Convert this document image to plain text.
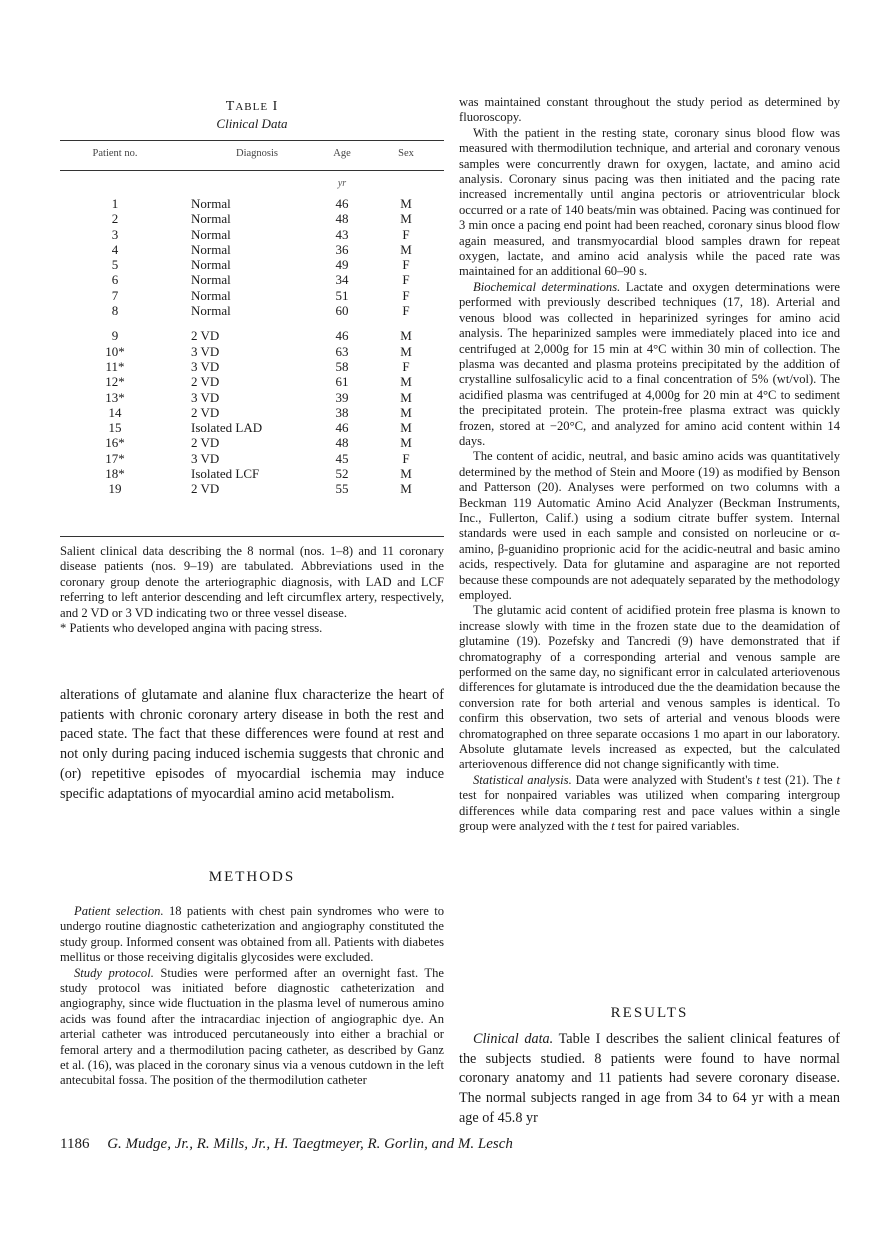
TABLE I
Clinical Data
Patient no.	Diagnosis	Age	Sex
yr
1	Normal	46	M
2	Normal	48	M
3	Normal	43	F
4	Normal	36	M
5	Normal	49	F
6	Normal	34	F
7	Normal	51	F
8	Normal	60	F
9	2 VD	46	M
10*	3 VD	63	M
11*	3 VD	58	F
12*	2 VD	61	M
13*	3 VD	39	M
14	2 VD	38	M
15	Isolated LAD	46	M
16*	2 VD	48	M
17*	3 VD	45	F
18*	Isolated LCF	52	M
19	2 VD	55	M

Salient clinical data describing the 8 normal (nos. 1–8) and 11 coronary disease patients (nos. 9–19) are tabulated. Abbreviations used in the coronary group denote the arteriographic diagnosis, with LAD and LCF referring to left anterior descending and left circumflex artery, respectively, and 2 VD or 3 VD indicating two or three vessel disease.

* Patients who developed angina with pacing stress.

alterations of glutamate and alanine flux characterize the heart of patients with chronic coronary artery disease in both the rest and paced state. The fact that these differences were found at rest and not only during pacing induced ischemia suggests that chronic and (or) repetitive episodes of myocardial ischemia may induce specific adaptations of myocardial amino acid metabolism.

METHODS

Patient selection. 18 patients with chest pain syndromes who were to undergo routine diagnostic catheterization and angiography constituted the study group. Informed consent was obtained from all. Patients with diabetes mellitus or those receiving digitalis glycosides were excluded.

Study protocol. Studies were performed after an overnight fast. The study protocol was initiated before diagnostic catheterization and angiography, since wide fluctuation in the plasma level of numerous amino acids was found after the intracardiac injection of angiographic dye. An arterial catheter was introduced percutaneously into either a brachial or femoral artery and a thermodilution pacing catheter, as described by Ganz et al. (16), was placed in the coronary sinus via a venous cutdown in the left antecubital fossa. The position of the thermodilution catheter

was maintained constant throughout the study period as determined by fluoroscopy.

With the patient in the resting state, coronary sinus blood flow was measured with thermodilution technique, and arterial and coronary venous samples were concurrently drawn for oxygen, lactate, and amino acid analysis. Coronary sinus pacing was then initiated and the pacing rate increased incrementally until angina pectoris or atrioventricular block occurred or a rate of 140 beats/min was obtained. Pacing was continued for 3 min once a pacing end point had been reached, coronary sinus blood flow again measured, and transmyocardial blood samples drawn for repeat oxygen, lactate, and amino acid analysis while the paced rate was maintained for an additional 60–90 s.

Biochemical determinations. Lactate and oxygen determinations were performed with previously described techniques (17, 18). Arterial and venous blood was collected in heparinized syringes for amino acid analysis. The heparinized samples were immediately placed into ice and centrifuged at 2,000g for 15 min at 4°C within 30 min of collection. The plasma was decanted and plasma proteins precipitated by the addition of crystalline sulfosalicylic acid to a final concentration of 5% (wt/vol). The acidified plasma was centrifuged at 4,000g for 20 min at 4°C to sediment the precipitated protein. The protein-free plasma extract was quickly frozen, stored at −20°C, and analyzed for amino acid content within 14 days.

The content of acidic, neutral, and basic amino acids was quantitatively determined by the method of Stein and Moore (19) as modified by Benson and Patterson (20). Analyses were performed on two columns with a Beckman 119 Automatic Amino Acid Analyzer (Beckman Instruments, Inc., Fullerton, Calif.) using a sodium citrate buffer system. Internal standards were used in each sample and consisted on norleucine or α-amino, β-guanidino proprionic acid for the acidic-neutral and basic amino acids, respectively. Data for glutamine and asparagine are not reported because these compounds are not adequately separated by the methodology employed.

The glutamic acid content of acidified protein free plasma is known to increase slowly with time in the frozen state due to the deamidation of glutamine (19). Pozefsky and Tancredi (9) have demonstrated that if chromatography of a corresponding arterial and venous sample are performed on the same day, no significant error in calculated arteriovenous differences for glutamate is introduced due the the deamidation because the conversion rate for both arterial and venous samples is identical. To confirm this observation, two sets of arterial and venous bloods were chromatographed on three separate occasions 1 mo apart in our laboratory. Absolute glutamate levels increased as expected, but the calculated arteriovenous difference did not change significantly with time.

Statistical analysis. Data were analyzed with Student's t test (21). The t test for nonpaired variables was utilized when comparing intergroup differences while data comparing rest and pace values within a single group were analyzed with the t test for paired variables.

RESULTS

Clinical data. Table I describes the salient clinical features of the subjects studied. 8 patients were found to have normal coronary anatomy and 11 patients had severe coronary disease. The normal subjects ranged in age from 34 to 64 yr with a mean age of 45.8 yr

1186 G. Mudge, Jr., R. Mills, Jr., H. Taegtmeyer, R. Gorlin, and M. Lesch
